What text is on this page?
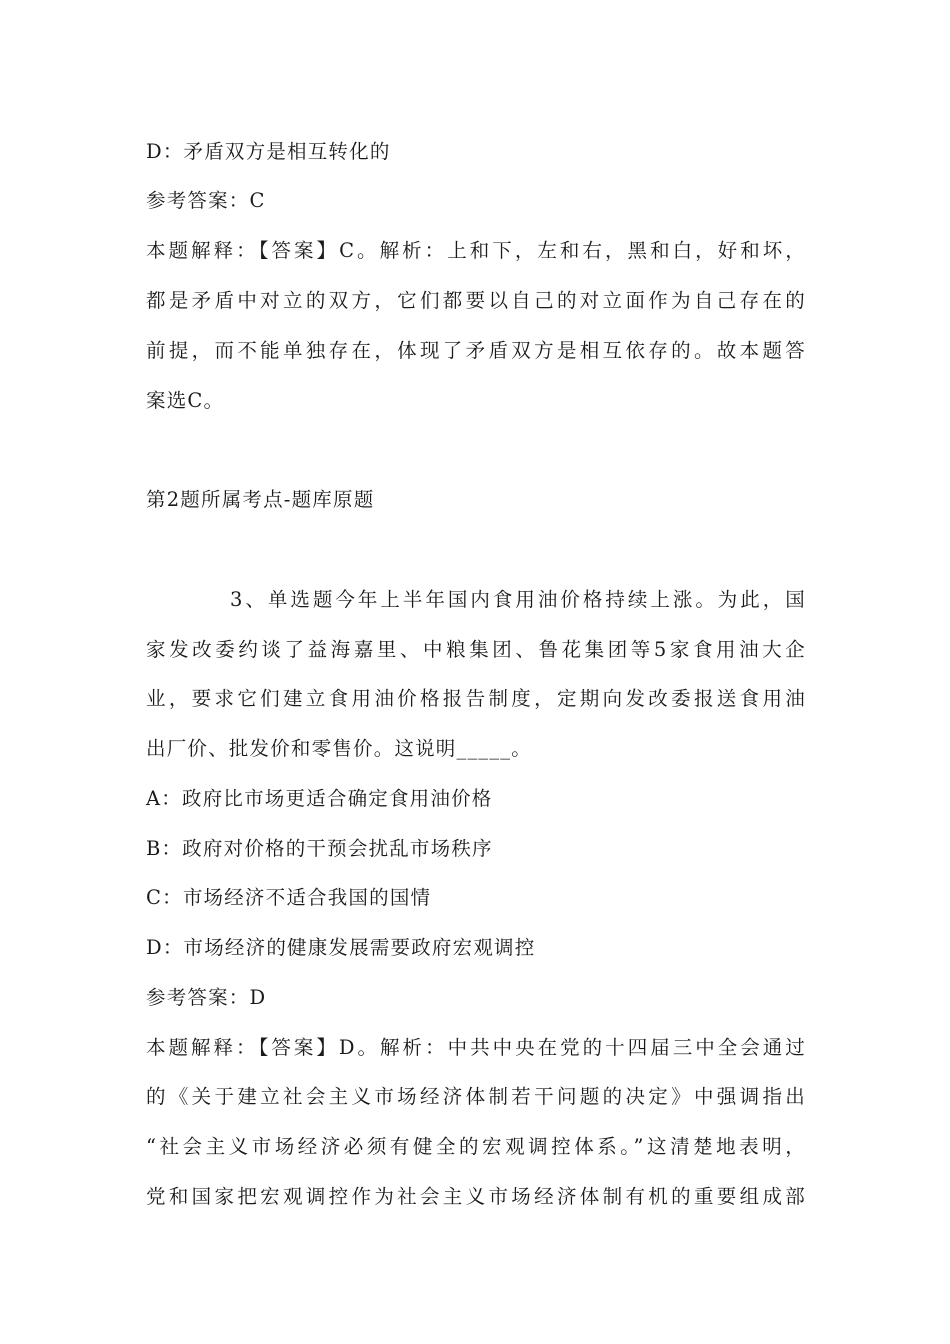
D：矛盾双方是相互转化的
参考答案：C
本题解释：【答案】C。解析：上和下，左和右，黑和白，好和坏，
都是矛盾中对立的双方，它们都要以自己的对立面作为自己存在的
前提，而不能单独存在，体现了矛盾双方是相互依存的。故本题答
案选C。
第2题所属考点-题库原题
3、单选题今年上半年国内食用油价格持续上涨。为此，国
家发改委约谈了益海嘉里、中粮集团、鲁花集团等5家食用油大企
业，要求它们建立食用油价格报告制度，定期向发改委报送食用油
出厂价、批发价和零售价。这说明_____。
A：政府比市场更适合确定食用油价格
B：政府对价格的干预会扰乱市场秩序
C：市场经济不适合我国的国情
D：市场经济的健康发展需要政府宏观调控
参考答案：D
本题解释：【答案】D。解析：中共中央在党的十四届三中全会通过
的《关于建立社会主义市场经济体制若干问题的决定》中强调指出
“社会主义市场经济必须有健全的宏观调控体系。”这清楚地表明，
党和国家把宏观调控作为社会主义市场经济体制有机的重要组成部
